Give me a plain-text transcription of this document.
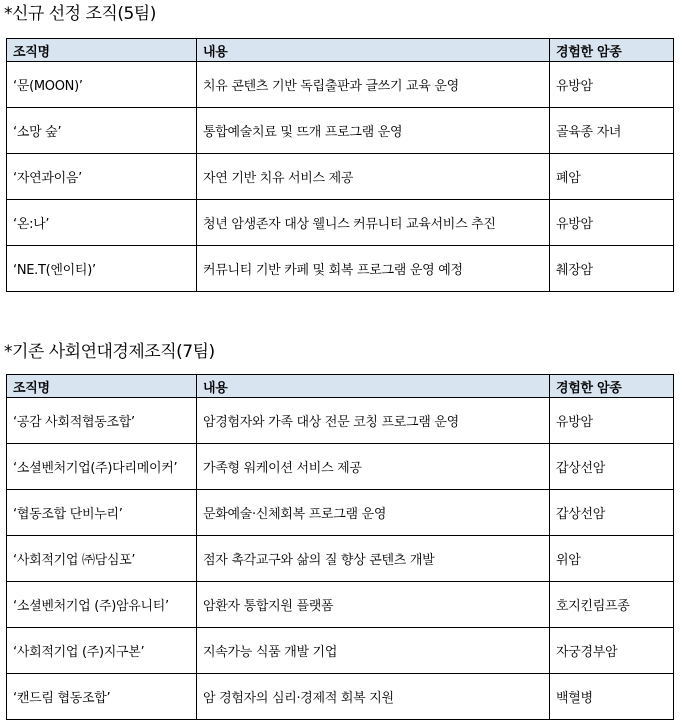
*신규 선정 조직(5팀)
조직명	내용	경험한 암종
‘문(MOON)’	치유 콘텐츠 기반 독립출판과 글쓰기 교육 운영	유방암
‘소망 숲’	통합예술치료 및 뜨개 프로그램 운영	골육종 자녀
‘자연과이음’	자연 기반 치유 서비스 제공	폐암
‘온:나’	청년 암생존자 대상 웰니스 커뮤니티 교육서비스 추진	유방암
‘NE.T(엔이티)’	커뮤니티 기반 카페 및 회복 프로그램 운영 예정	췌장암
*기존 사회연대경제조직(7팀)
조직명	내용	경험한 암종
‘공감 사회적협동조합’	암경험자와 가족 대상 전문 코칭 프로그램 운영	유방암
‘소셜벤처기업(주)다리메이커’	가족형 워케이션 서비스 제공	갑상선암
‘협동조합 단비누리’	문화예술·신체회복 프로그램 운영	갑상선암
‘사회적기업 ㈜담심포’	점자 촉각교구와 삶의 질 향상 콘텐츠 개발	위암
‘소셜벤처기업 (주)암유니티’	암환자 통합지원 플랫폼	호지킨림프종
‘사회적기업 (주)지구본’	지속가능 식품 개발 기업	자궁경부암
‘캔드림 협동조합’	암 경험자의 심리·경제적 회복 지원	백혈병
